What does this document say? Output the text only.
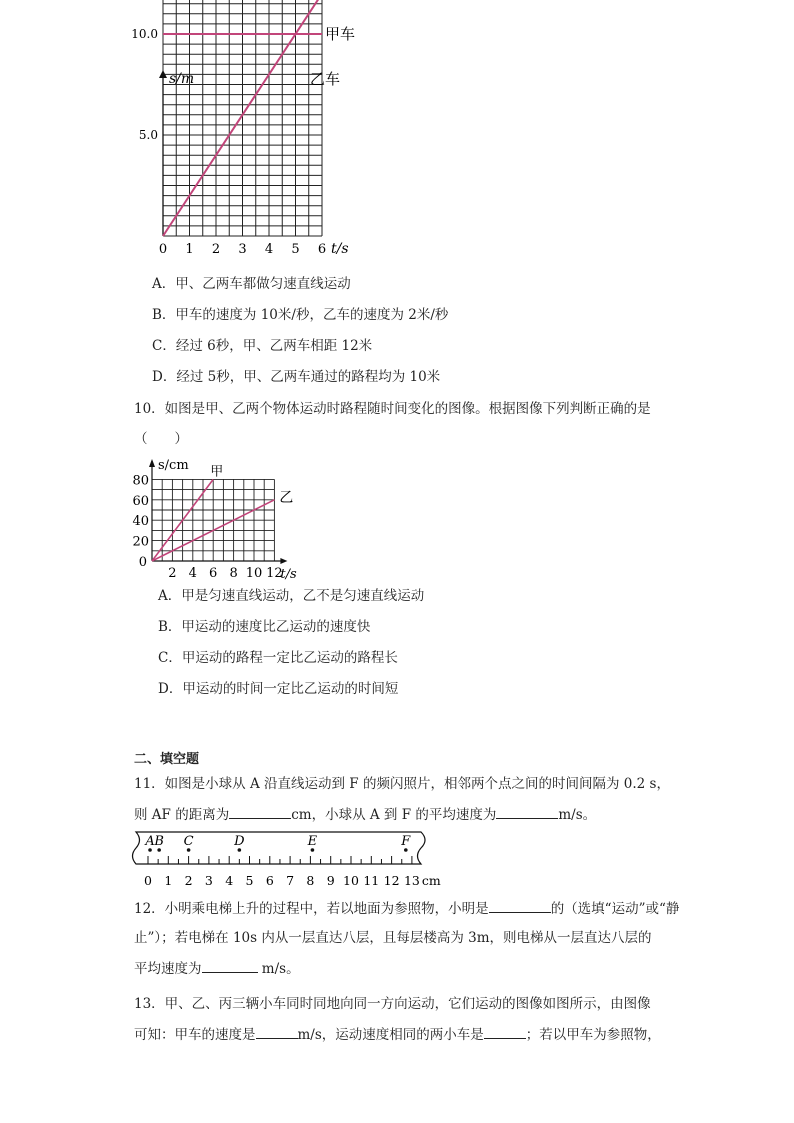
0 1 2 3 4 5 6
5.0
10.0
s/m
t/s
乙车
甲车
A．甲、乙两车都做匀速直线运动
B．甲车的速度为 10米/秒，乙车的速度为 2米/秒
C．经过 6秒，甲、乙两车相距 12米
D．经过 5秒，甲、乙两车通过的路程均为 10米
10．如图是甲、乙两个物体运动时路程随时间变化的图像。根据图像下列判断正确的是
（　　）
2 4 6 8 10 12
0
20
40
60
80
s/cm
t/s
甲
乙
A．甲是匀速直线运动，乙不是匀速直线运动
B．甲运动的速度比乙运动的速度快
C．甲运动的路程一定比乙运动的路程长
D．甲运动的时间一定比乙运动的时间短
二、填空题
11．如图是小球从 A 沿直线运动到 F 的频闪照片，相邻两个点之间的时间间隔为 0.2 s，
则 AF 的距离为	cm，小球从 A 到 F 的平均速度为	m/s。
0 1 2 3 4 5 6 7 8 9 10 11 12 13 cm
A B C	D	E	F
12．小明乘电梯上升的过程中，若以地面为参照物，小明是	的（选填“运动”或“静
止”）；若电梯在 10s 内从一层直达八层，且每层楼高为 3m，则电梯从一层直达八层的
平均速度为	m/s。
13．甲、乙、丙三辆小车同时同地向同一方向运动，它们运动的图像如图所示，由图像
可知：甲车的速度是	m/s，运动速度相同的两小车是	；若以甲车为参照物，
